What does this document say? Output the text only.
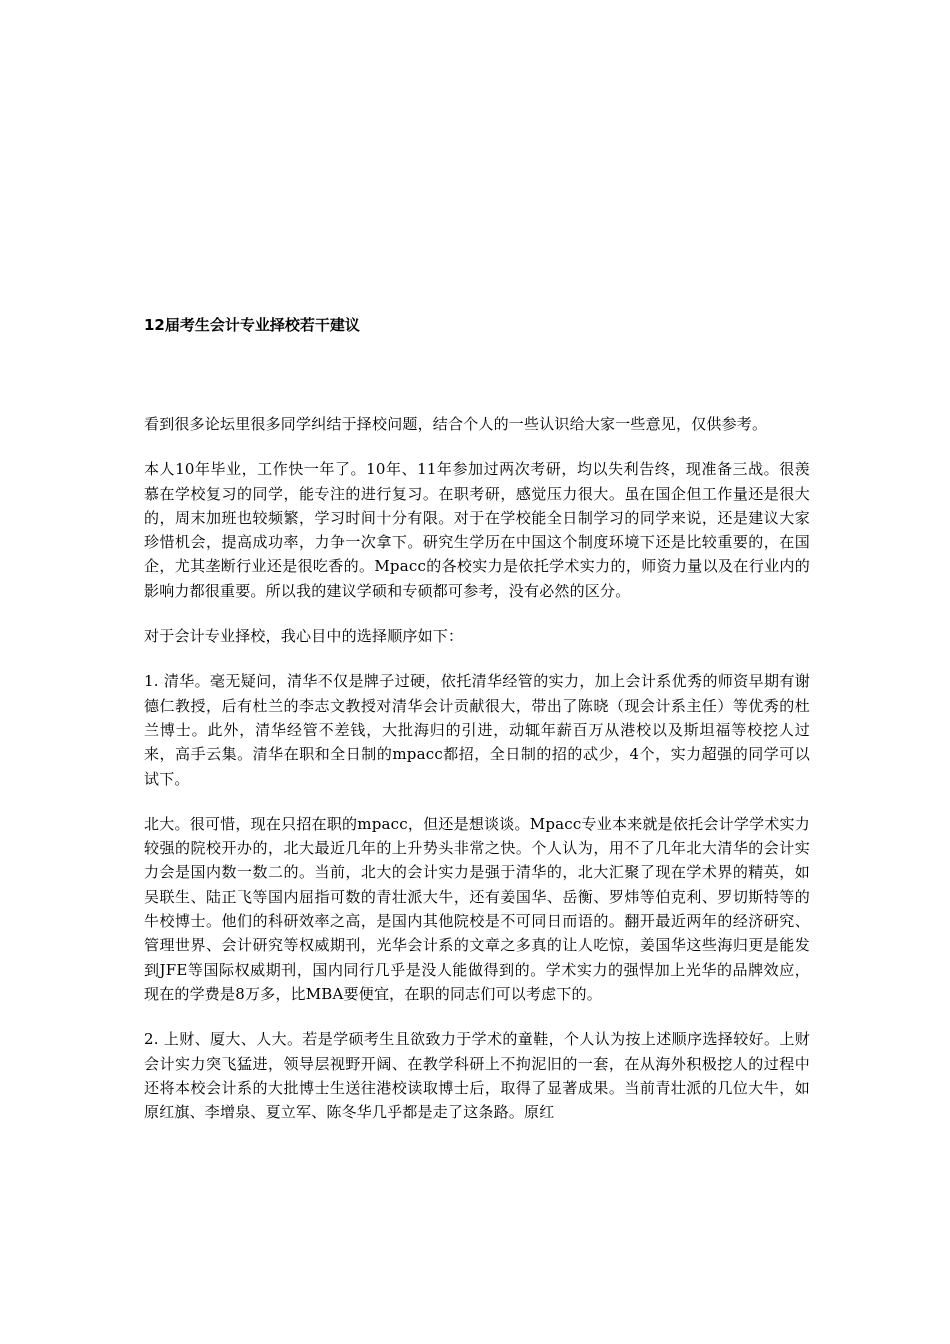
12届考生会计专业择校若干建议

看到很多论坛里很多同学纠结于择校问题，结合个人的一些认识给大家一些意见，仅供参考。

本人10年毕业，工作快一年了。10年、11年参加过两次考研，均以失利告终，现准备三战。很羡慕在学校复习的同学，能专注的进行复习。在职考研，感觉压力很大。虽在国企但工作量还是很大的，周末加班也较频繁，学习时间十分有限。对于在学校能全日制学习的同学来说，还是建议大家珍惜机会，提高成功率，力争一次拿下。研究生学历在中国这个制度环境下还是比较重要的，在国企，尤其垄断行业还是很吃香的。Mpacc的各校实力是依托学术实力的，师资力量以及在行业内的影响力都很重要。所以我的建议学硕和专硕都可参考，没有必然的区分。

对于会计专业择校，我心目中的选择顺序如下：

1. 清华。毫无疑问，清华不仅是牌子过硬，依托清华经管的实力，加上会计系优秀的师资早期有谢德仁教授，后有杜兰的李志文教授对清华会计贡献很大，带出了陈晓（现会计系主任）等优秀的杜兰博士。此外，清华经管不差钱，大批海归的引进，动辄年薪百万从港校以及斯坦福等校挖人过来，高手云集。清华在职和全日制的mpacc都招，全日制的招的忒少，4个，实力超强的同学可以试下。

北大。很可惜，现在只招在职的mpacc，但还是想谈谈。Mpacc专业本来就是依托会计学学术实力较强的院校开办的，北大最近几年的上升势头非常之快。个人认为，用不了几年北大清华的会计实力会是国内数一数二的。当前，北大的会计实力是强于清华的，北大汇聚了现在学术界的精英，如吴联生、陆正飞等国内屈指可数的青壮派大牛，还有姜国华、岳衡、罗炜等伯克利、罗切斯特等的牛校博士。他们的科研效率之高，是国内其他院校是不可同日而语的。翻开最近两年的经济研究、管理世界、会计研究等权威期刊，光华会计系的文章之多真的让人吃惊，姜国华这些海归更是能发到JFE等国际权威期刊，国内同行几乎是没人能做得到的。学术实力的强悍加上光华的品牌效应，现在的学费是8万多，比MBA要便宜，在职的同志们可以考虑下的。

2. 上财、厦大、人大。若是学硕考生且欲致力于学术的童鞋，个人认为按上述顺序选择较好。上财会计实力突飞猛进，领导层视野开阔、在教学科研上不拘泥旧的一套，在从海外积极挖人的过程中还将本校会计系的大批博士生送往港校读取博士后，取得了显著成果。当前青壮派的几位大牛，如原红旗、李增泉、夏立军、陈冬华几乎都是走了这条路。原红
